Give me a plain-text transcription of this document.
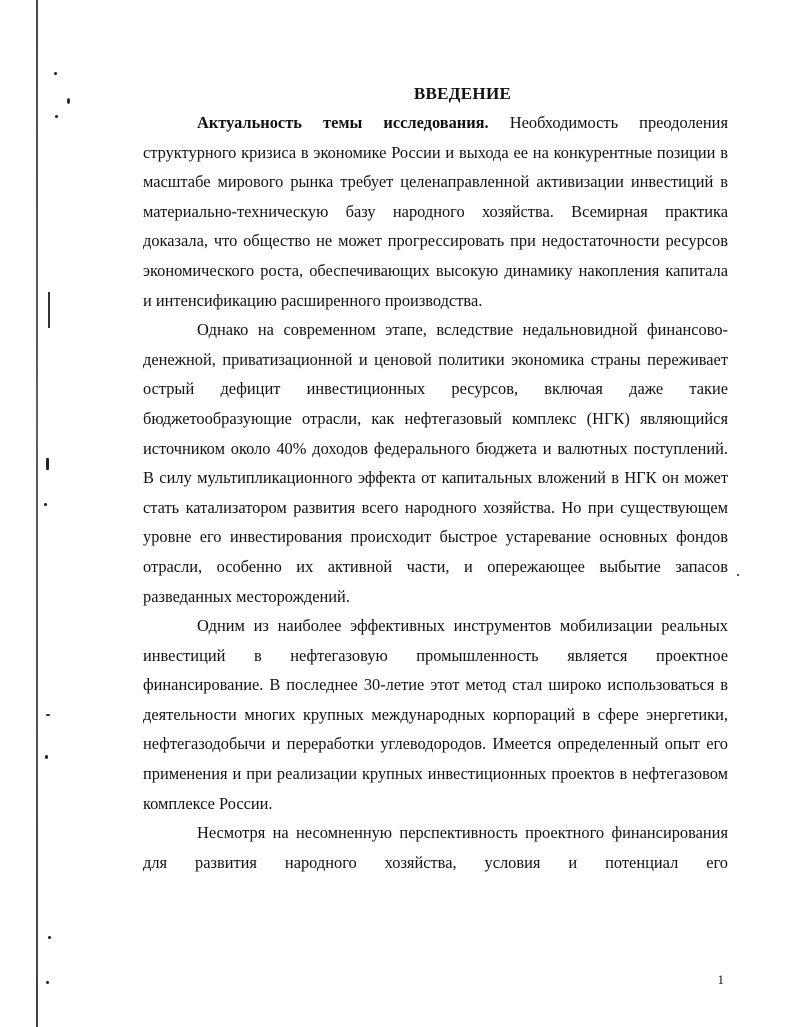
ВВЕДЕНИЕ

Актуальность темы исследования. Необходимость преодоления структурного кризиса в экономике России и выхода ее на конкурентные позиции в масштабе мирового рынка требует целенаправленной активизации инвестиций в материально-техническую базу народного хозяйства. Всемирная практика доказала, что общество не может прогрессировать при недостаточности ресурсов экономического роста, обеспечивающих высокую динамику накопления капитала и интенсификацию расширенного производства.

Однако на современном этапе, вследствие недальновидной финансово-денежной, приватизационной и ценовой политики экономика страны переживает острый дефицит инвестиционных ресурсов, включая даже такие бюджетообразующие отрасли, как нефтегазовый комплекс (НГК) являющийся источником около 40% доходов федерального бюджета и валютных поступлений. В силу мультипликационного эффекта от капитальных вложений в НГК он может стать катализатором развития всего народного хозяйства. Но при существующем уровне его инвестирования происходит быстрое устаревание основных фондов отрасли, особенно их активной части, и опережающее выбытие запасов разведанных месторождений.

Одним из наиболее эффективных инструментов мобилизации реальных инвестиций в нефтегазовую промышленность является проектное финансирование. В последнее 30-летие этот метод стал широко использоваться в деятельности многих крупных международных корпораций в сфере энергетики, нефтегазодобычи и переработки углеводородов. Имеется определенный опыт его применения и при реализации крупных инвестиционных проектов в нефтегазовом комплексе России.

Несмотря на несомненную перспективность проектного финансирования для развития народного хозяйства, условия и потенциал его

1
